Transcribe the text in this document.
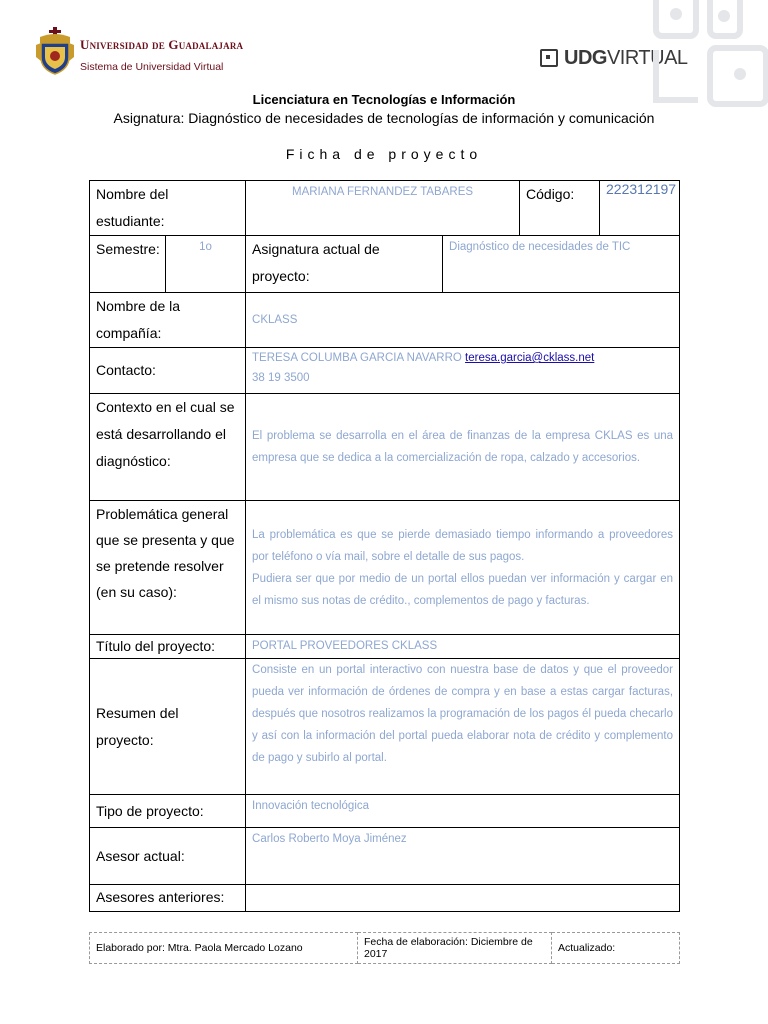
Universidad de Guadalajara
Sistema de Universidad Virtual	UDGVIRTUAL
Licenciatura en Tecnologías e Información
Asignatura: Diagnóstico de necesidades de tecnologías de información y comunicación
Ficha de proyecto
Nombre del estudiante:		MARIANA FERNANDEZ TABARES		Código:	222312197
Semestre:	1o	Asignatura actual de proyecto:	Diagnóstico de necesidades de TIC		
Nombre de la compañía:		CKLASS			
Contacto:		TERESA COLUMBA GARCIA NAVARRO teresa.garcia@cklass.net
38 19 3500			
Contexto en el cual se está desarrollando el diagnóstico:		El problema se desarrolla en el área de finanzas de la empresa CKLAS es una empresa que se dedica a la comercialización de ropa, calzado y accesorios.			
Problemática general que se presenta y que se pretende resolver (en su caso):		La problemática es que se pierde demasiado tiempo informando a proveedores por teléfono o vía mail, sobre el detalle de sus pagos.
Pudiera ser que por medio de un portal ellos puedan ver información y cargar en el mismo sus notas de crédito., complementos de pago y facturas.			

Título del proyecto:		PORTAL PROVEEDORES CKLASS			
Resumen del proyecto:		Consiste en un portal interactivo con nuestra base de datos y que el proveedor pueda ver información de órdenes de compra y en base a estas cargar facturas, después que nosotros realizamos la programación de los pagos él pueda checarlo y así con la información del portal pueda elaborar nota de crédito y complemento de pago y subirlo al portal.			
Tipo de proyecto:		Innovación tecnológica			
Asesor actual:		Carlos Roberto Moya Jiménez			
Asesores anteriores:					
Elaborado por: Mtra. Paola Mercado Lozano	Fecha de elaboración: Diciembre de 2017	Actualizado:
